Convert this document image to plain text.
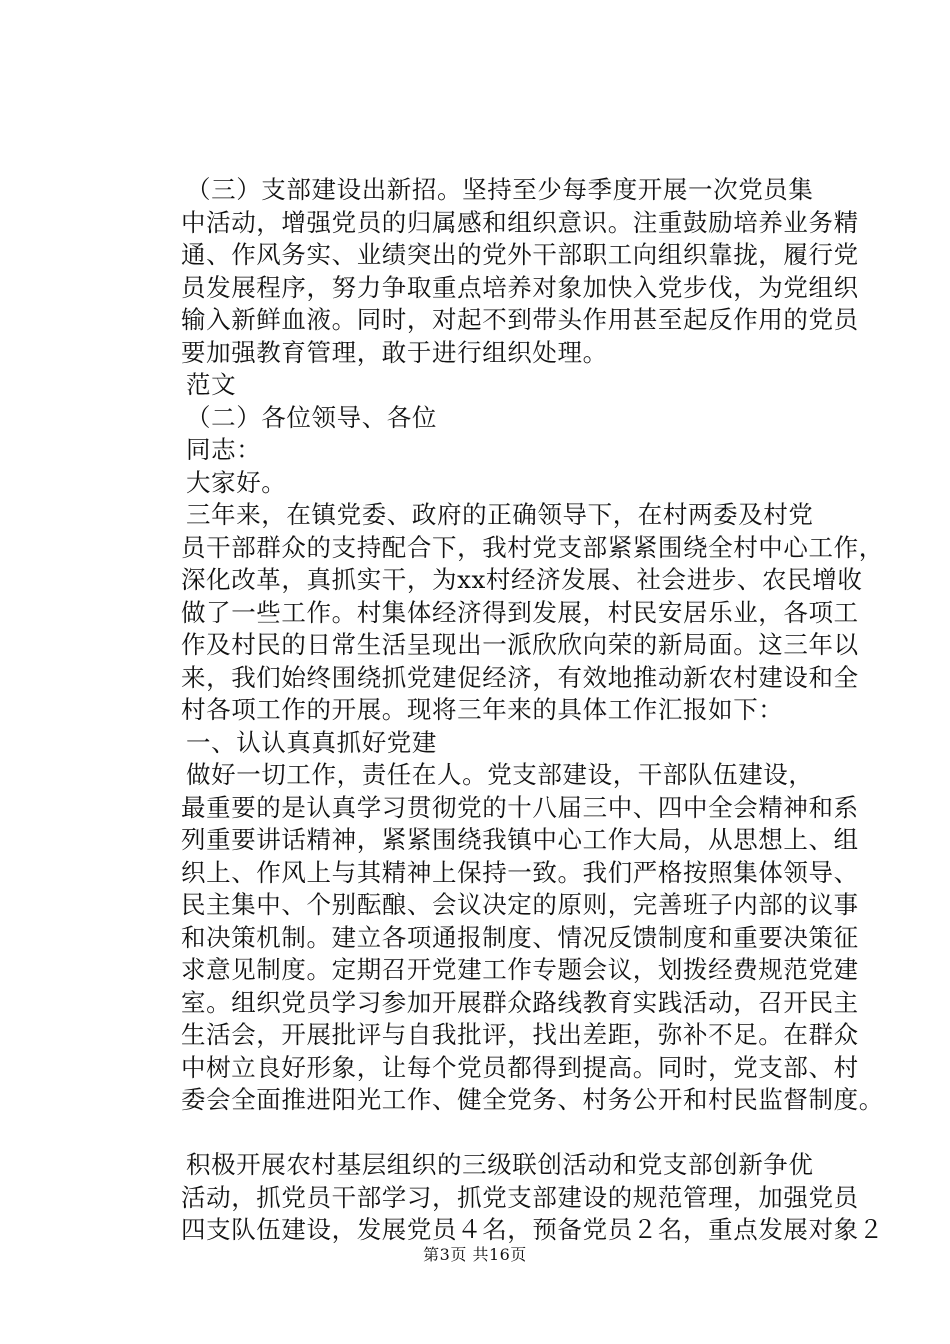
（三）支部建设出新招。坚持至少每季度开展一次党员集
中活动，增强党员的归属感和组织意识。注重鼓励培养业务精
通、作风务实、业绩突出的党外干部职工向组织靠拢，履行党
员发展程序，努力争取重点培养对象加快入党步伐，为党组织
输入新鲜血液。同时，对起不到带头作用甚至起反作用的党员
要加强教育管理，敢于进行组织处理。
范文
（二）各位领导、各位
同志：
大家好。
三年来，在镇党委、政府的正确领导下，在村两委及村党
员干部群众的支持配合下，我村党支部紧紧围绕全村中心工作，
深化改革，真抓实干，为xx村经济发展、社会进步、农民增收
做了一些工作。村集体经济得到发展，村民安居乐业，各项工
作及村民的日常生活呈现出一派欣欣向荣的新局面。这三年以
来，我们始终围绕抓党建促经济，有效地推动新农村建设和全
村各项工作的开展。现将三年来的具体工作汇报如下：
一、认认真真抓好党建
做好一切工作，责任在人。党支部建设，干部队伍建设，
最重要的是认真学习贯彻党的十八届三中、四中全会精神和系
列重要讲话精神，紧紧围绕我镇中心工作大局，从思想上、组
织上、作风上与其精神上保持一致。我们严格按照集体领导、
民主集中、个别酝酿、会议决定的原则，完善班子内部的议事
和决策机制。建立各项通报制度、情况反馈制度和重要决策征
求意见制度。定期召开党建工作专题会议，划拨经费规范党建
室。组织党员学习参加开展群众路线教育实践活动，召开民主
生活会，开展批评与自我批评，找出差距，弥补不足。在群众
中树立良好形象，让每个党员都得到提高。同时，党支部、村
委会全面推进阳光工作、健全党务、村务公开和村民监督制度。
积极开展农村基层组织的三级联创活动和党支部创新争优
活动，抓党员干部学习，抓党支部建设的规范管理，加强党员
四支队伍建设，发展党员４名，预备党员２名，重点发展对象２
第3页 共16页
